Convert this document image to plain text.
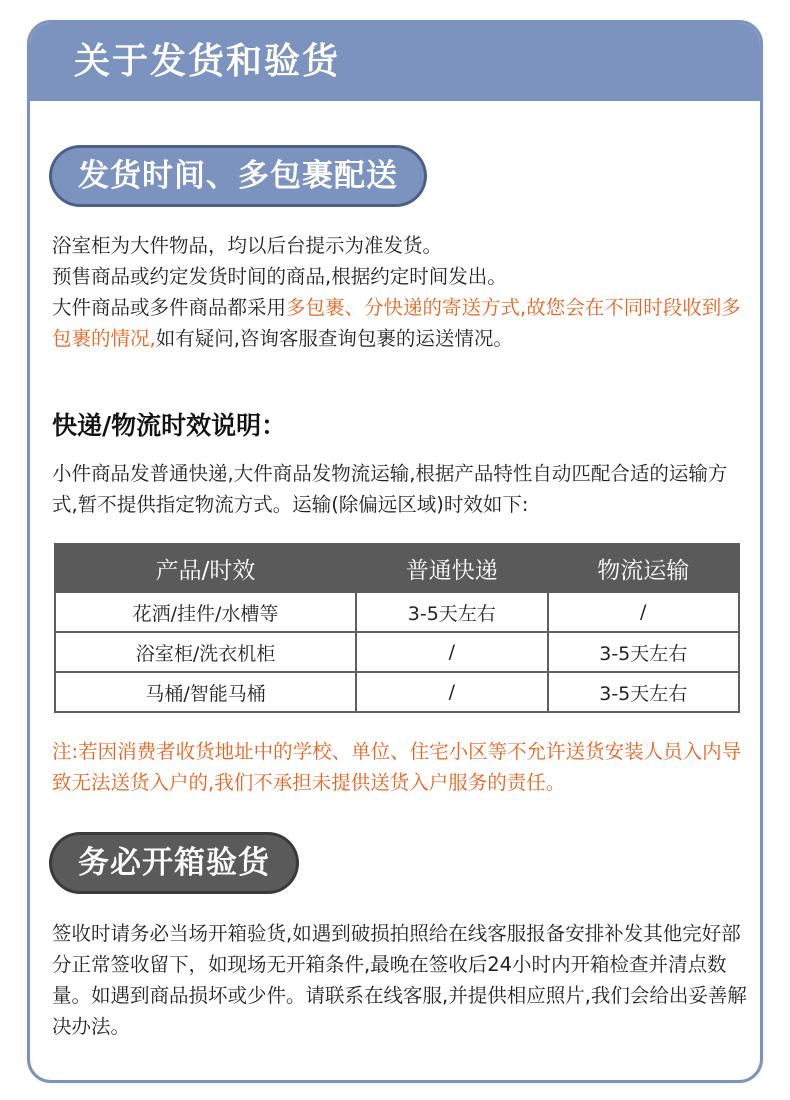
关于发货和验货
发货时间、多包裹配送
浴室柜为大件物品，均以后台提示为准发货。
预售商品或约定发货时间的商品,根据约定时间发出。
大件商品或多件商品都采用多包裹、分快递的寄送方式,故您会在不同时段收到多包裹的情况,如有疑问,咨询客服查询包裹的运送情况。
快递/物流时效说明：
小件商品发普通快递,大件商品发物流运输,根据产品特性自动匹配合适的运输方式,暂不提供指定物流方式。运输(除偏远区域)时效如下:
产品/时效	普通快递	物流运输
花洒/挂件/水槽等	3-5天左右	/
浴室柜/洗衣机柜	/	3-5天左右
马桶/智能马桶	/	3-5天左右
注:若因消费者收货地址中的学校、单位、住宅小区等不允许送货安装人员入内导致无法送货入户的,我们不承担未提供送货入户服务的责任。
务必开箱验货
签收时请务必当场开箱验货,如遇到破损拍照给在线客服报备安排补发其他完好部分正常签收留下，如现场无开箱条件,最晚在签收后24小时内开箱检查并清点数量。如遇到商品损坏或少件。请联系在线客服,并提供相应照片,我们会给出妥善解决办法。
